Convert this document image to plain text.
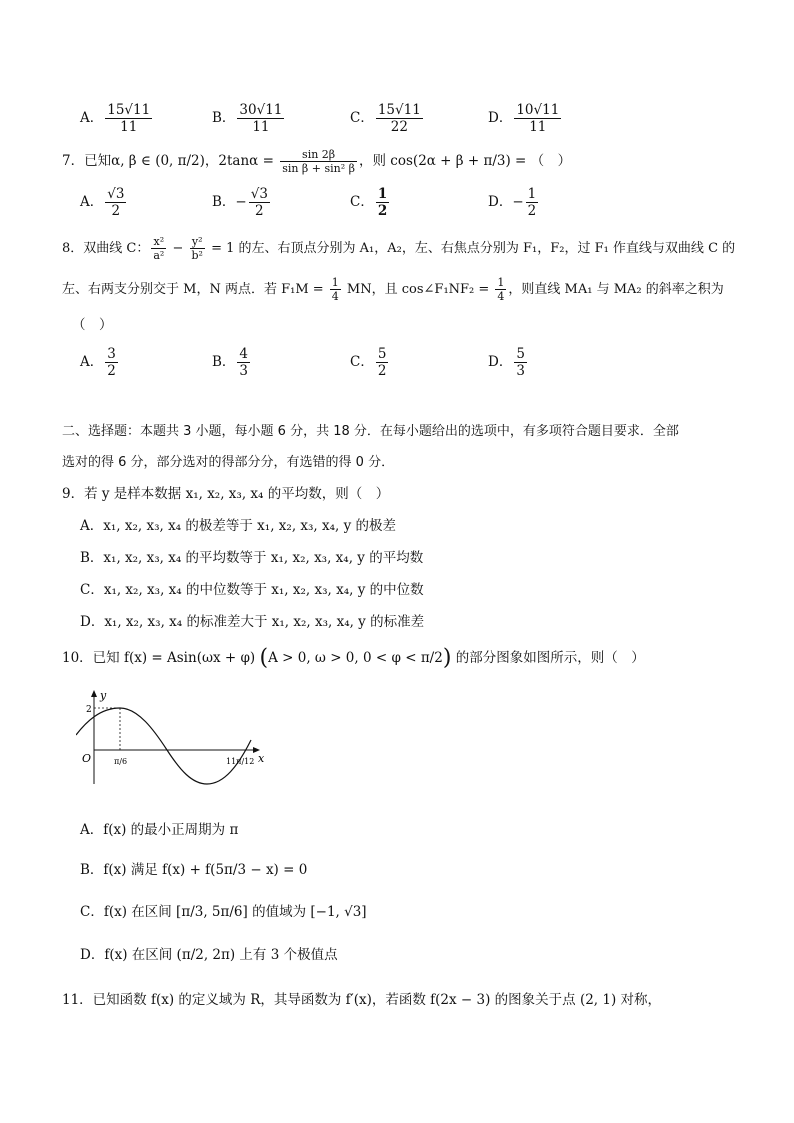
A． $\frac{15√11}{11}$	B． $\frac{30√11}{11}$	C． $\frac{15√11}{22}$	D． $\frac{10√11}{11}$
7．已知α, β ∈ (0, π/2)，$2\tan\alpha = \frac{\sin 2\beta}{\text{sin β + sin² β}}$ ，则 cos(2α + β + π/3) = （　）
A． $\frac{√3}{2}$	B．− $\frac{√3}{2}$	C． $\frac{1}{2}$	D．− $\frac{1}{2}$
8．双曲线 C： $\frac{\text{x²}}{\text{a²}} - \frac{\text{y²}}{\text{b²}} = 1$ 的左、右顶点分别为 A₁，A₂，左、右焦点分别为 F₁，F₂，过 F₁ 作直线与双曲线 C 的
左、右两支分别交于 M，N 两点．若 $F_1M = \frac{1}{4}$ MN，且 cos∠F₁NF₂ = $\frac{1}{4}$ ，则直线 MA₁ 与 MA₂ 的斜率之积为
（　）
A． $\frac{3}{2}$	B． $\frac{4}{3}$	C． $\frac{5}{2}$	D． $\frac{5}{3}$
二、选择题：本题共 3 小题，每小题 6 分，共 18 分．在每小题给出的选项中，有多项符合题目要求．全部
选对的得 6 分，部分选对的得部分分，有选错的得 0 分．
9．若 y 是样本数据 x₁, x₂, x₃, x₄ 的平均数，则（　）
A．x₁, x₂, x₃, x₄ 的极差等于 x₁, x₂, x₃, x₄, y 的极差
B．x₁, x₂, x₃, x₄ 的平均数等于 x₁, x₂, x₃, x₄, y 的平均数
C．x₁, x₂, x₃, x₄ 的中位数等于 x₁, x₂, x₃, x₄, y 的中位数
D．x₁, x₂, x₃, x₄ 的标准差大于 x₁, x₂, x₃, x₄, y 的标准差
10．已知 f(x) = Asin(ωx + φ) (A > 0, ω > 0, 0 < φ < π/2) 的部分图象如图所示，则（　）
y
x
O
2
π/6	11π/12
A．f(x) 的最小正周期为 π
B．f(x) 满足 f(x) + f(5π/3 − x) = 0
C．f(x) 在区间 [π/3, 5π/6] 的值域为 [−1, √3]
D．f(x) 在区间 (π/2, 2π) 上有 3 个极值点
11．已知函数 f(x) 的定义域为 R，其导函数为 f′(x)，若函数 f(2x − 3) 的图象关于点 (2, 1) 对称，
